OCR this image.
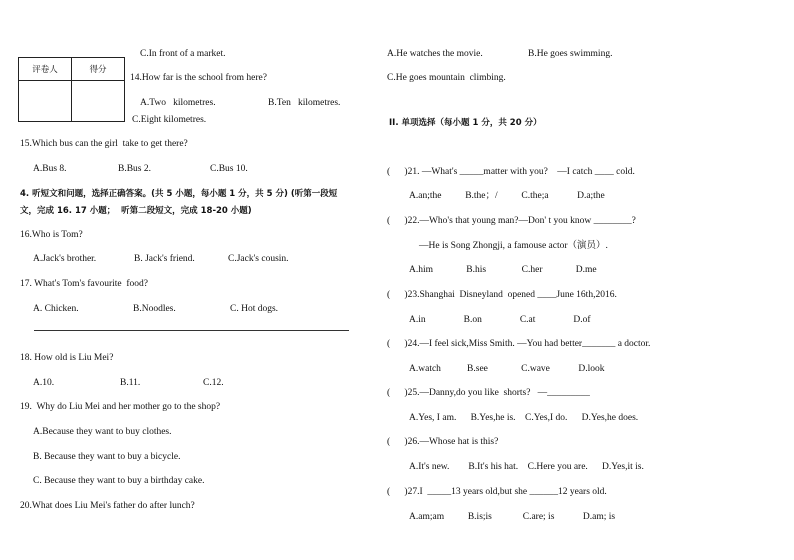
评卷人	得分

C.In front of a market.
14.How far is the school from here?
A.Two   kilometres.	B.Ten   kilometres.
C.Eight kilometres.
15.Which bus can the girl  take to get there?
A.Bus 8.	B.Bus 2.	C.Bus 10.
4. 听短文和问题，选择正确答案。(共 5 小题，每小题 1 分，共 5 分) (听第一段短
文，完成 16. 17 小题；  听第二段短文，完成 18-20 小题)
16.Who is Tom?
A.Jack's brother.	B. Jack's friend.	C.Jack's cousin.
17. What's Tom's favourite  food?
A. Chicken.	B.Noodles.	C. Hot dogs.
18. How old is Liu Mei?
A.10.	B.11.	C.12.
19.  Why do Liu Mei and her mother go to the shop?
A.Because they want to buy clothes.
B. Because they want to buy a bicycle.
C. Because they want to buy a birthday cake.
20.What does Liu Mei's father do after lunch?
A.He watches the movie.	B.He goes swimming.
C.He goes mountain  climbing.
II. 单项选择（每小题 1 分，共 20 分）
(      )21. —What's _____matter with you?    —I catch ____ cold.
A.an;the          B.the；/          C.the;a            D.a;the
(      )22.—Who's that young man?—Don' t you know ________?
—He is Song Zhongji, a famouse actor（演员）.
A.him              B.his               C.her              D.me
(      )23.Shanghai  Disneyland  opened ____June 16th,2016.
A.in                B.on                C.at                D.of
(      )24.—I feel sick,Miss Smith. —You had better_______ a doctor.
A.watch           B.see              C.wave            D.look
(      )25.—Danny,do you like  shorts?   —_________
A.Yes, I am.      B.Yes,he is.    C.Yes,I do.      D.Yes,he does.
(      )26.—Whose hat is this?
A.It's new.        B.It's his hat.    C.Here you are.      D.Yes,it is.
(      )27.I  _____13 years old,but she ______12 years old.
A.am;am          B.is;is             C.are; is            D.am; is
